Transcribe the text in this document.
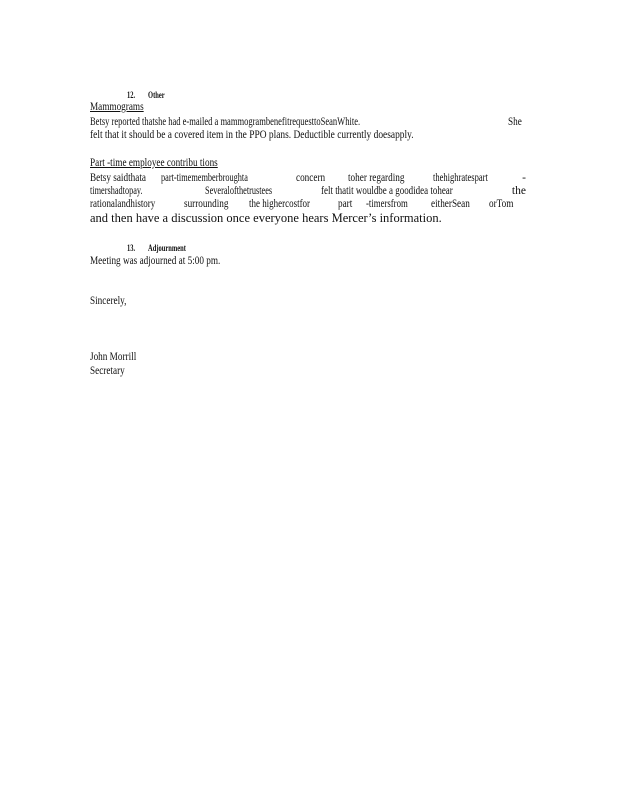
12. Other
Mammograms
Betsy reported thatshe had e-mailed a mammogrambenefitrequesttoSeanWhite.	She
felt that it should be a covered item in the PPO plans. Deductible currently doesapply.
Part -time employee contribu tions
Betsy saidthata part-timememberbroughta	concern toher regarding	thehighratespart	-
timershadtopay.	Severalofthetrustees	felt thatit wouldbe a goodidea tohear	the
rationalandhistory surrounding the highercostfor part -timersfrom eitherSean orTom
and then have a discussion once everyone hears Mercer’s information.
13. Adjournment
Meeting was adjourned at 5:00 pm.
Sincerely,
John Morrill
Secretary
